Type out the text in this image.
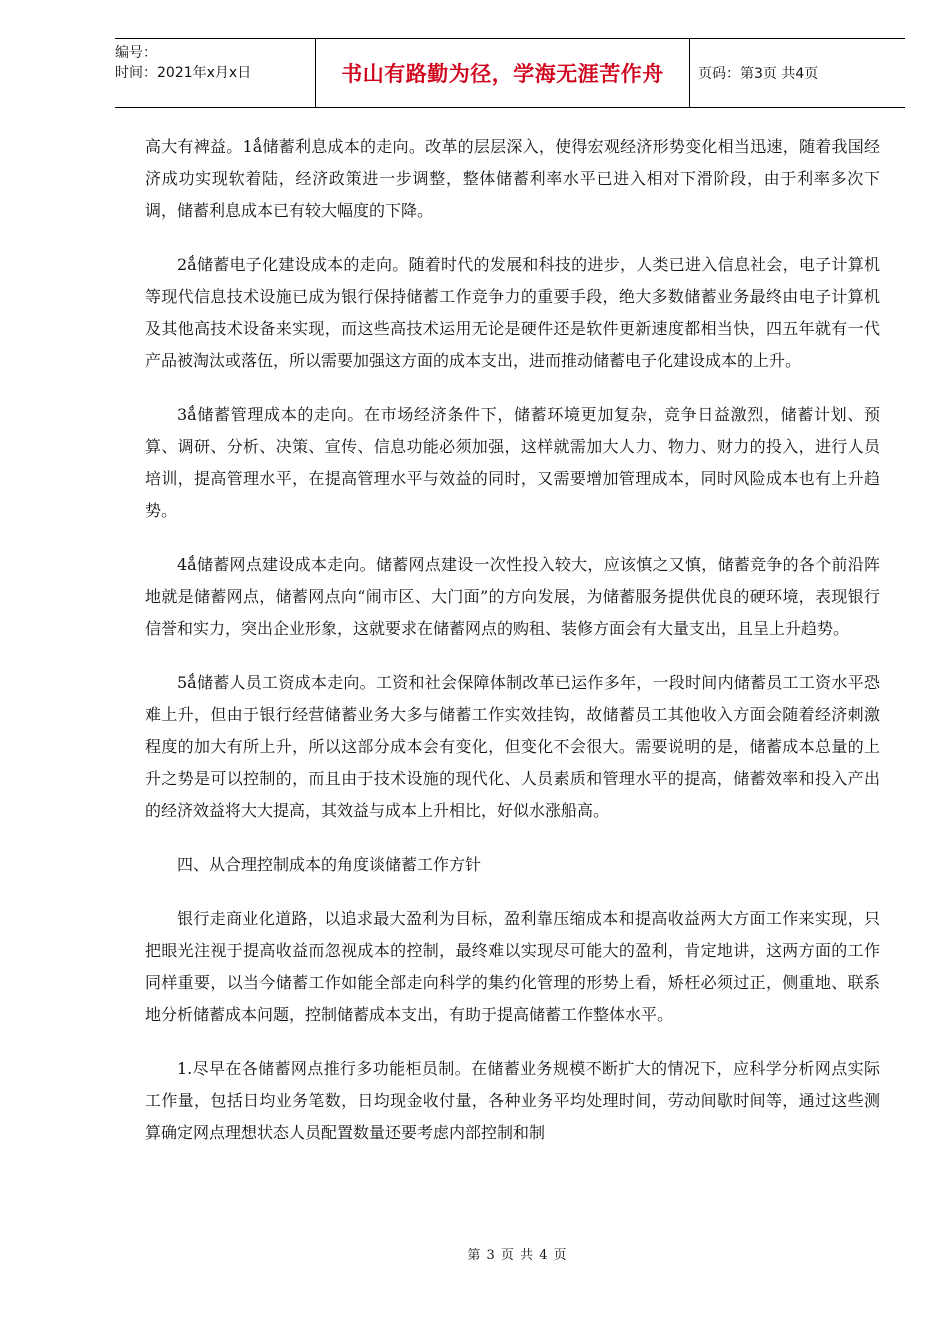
编号：
时间：2021年x月x日	书山有路勤为径，学海无涯苦作舟	页码：第3页 共4页

高大有裨益。1ǻ储蓄利息成本的走向。改革的层层深入，使得宏观经济形势变化相当迅速，随着我国经济成功实现软着陆，经济政策进一步调整，整体储蓄利率水平已进入相对下滑阶段，由于利率多次下调，储蓄利息成本已有较大幅度的下降。

2ǻ储蓄电子化建设成本的走向。随着时代的发展和科技的进步，人类已进入信息社会，电子计算机等现代信息技术设施已成为银行保持储蓄工作竞争力的重要手段，绝大多数储蓄业务最终由电子计算机及其他高技术设备来实现，而这些高技术运用无论是硬件还是软件更新速度都相当快，四五年就有一代产品被淘汰或落伍，所以需要加强这方面的成本支出，进而推动储蓄电子化建设成本的上升。

3ǻ储蓄管理成本的走向。在市场经济条件下，储蓄环境更加复杂，竞争日益激烈，储蓄计划、预算、调研、分析、决策、宣传、信息功能必须加强，这样就需加大人力、物力、财力的投入，进行人员培训，提高管理水平，在提高管理水平与效益的同时，又需要增加管理成本，同时风险成本也有上升趋势。

4ǻ储蓄网点建设成本走向。储蓄网点建设一次性投入较大，应该慎之又慎，储蓄竞争的各个前沿阵地就是储蓄网点，储蓄网点向“闹市区、大门面”的方向发展，为储蓄服务提供优良的硬环境，表现银行信誉和实力，突出企业形象，这就要求在储蓄网点的购租、装修方面会有大量支出，且呈上升趋势。

5ǻ储蓄人员工资成本走向。工资和社会保障体制改革已运作多年，一段时间内储蓄员工工资水平恐难上升，但由于银行经营储蓄业务大多与储蓄工作实效挂钩，故储蓄员工其他收入方面会随着经济刺激程度的加大有所上升，所以这部分成本会有变化，但变化不会很大。需要说明的是，储蓄成本总量的上升之势是可以控制的，而且由于技术设施的现代化、人员素质和管理水平的提高，储蓄效率和投入产出的经济效益将大大提高，其效益与成本上升相比，好似水涨船高。

四、从合理控制成本的角度谈储蓄工作方针

银行走商业化道路，以追求最大盈利为目标，盈利靠压缩成本和提高收益两大方面工作来实现，只把眼光注视于提高收益而忽视成本的控制，最终难以实现尽可能大的盈利，肯定地讲，这两方面的工作同样重要，以当今储蓄工作如能全部走向科学的集约化管理的形势上看，矫枉必须过正，侧重地、联系地分析储蓄成本问题，控制储蓄成本支出，有助于提高储蓄工作整体水平。

1.尽早在各储蓄网点推行多功能柜员制。在储蓄业务规模不断扩大的情况下，应科学分析网点实际工作量，包括日均业务笔数，日均现金收付量，各种业务平均处理时间，劳动间歇时间等，通过这些测算确定网点理想状态人员配置数量还要考虑内部控制和制

第 3 页 共 4 页
